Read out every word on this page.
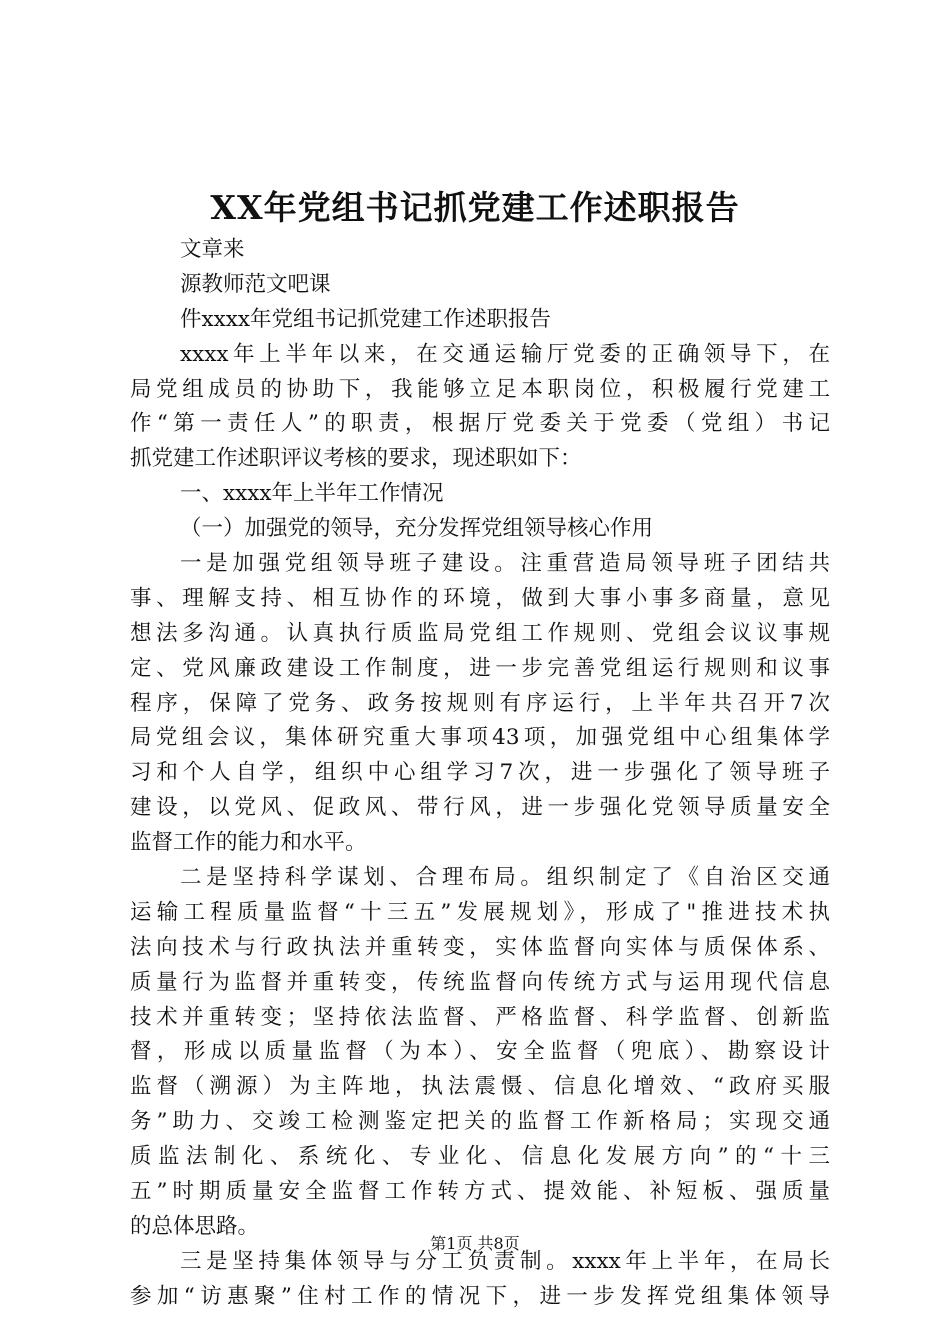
XX年党组书记抓党建工作述职报告
文章来
源教师范文吧课
件xxxx年党组书记抓党建工作述职报告
xxxx年上半年以来，在交通运输厅党委的正确领导下，在
局党组成员的协助下，我能够立足本职岗位，积极履行党建工
作“第一责任人”的职责，根据厅党委关于党委（党组）书记
抓党建工作述职评议考核的要求，现述职如下：
一、xxxx年上半年工作情况
（一）加强党的领导，充分发挥党组领导核心作用
一是加强党组领导班子建设。注重营造局领导班子团结共
事、理解支持、相互协作的环境，做到大事小事多商量，意见
想法多沟通。认真执行质监局党组工作规则、党组会议议事规
定、党风廉政建设工作制度，进一步完善党组运行规则和议事
程序，保障了党务、政务按规则有序运行，上半年共召开7次
局党组会议，集体研究重大事项43项，加强党组中心组集体学
习和个人自学，组织中心组学习7次，进一步强化了领导班子
建设，以党风、促政风、带行风，进一步强化党领导质量安全
监督工作的能力和水平。
二是坚持科学谋划、合理布局。组织制定了《自治区交通
运输工程质量监督“十三五”发展规划》，形成了"推进技术执
法向技术与行政执法并重转变，实体监督向实体与质保体系、
质量行为监督并重转变，传统监督向传统方式与运用现代信息
技术并重转变；坚持依法监督、严格监督、科学监督、创新监
督，形成以质量监督（为本）、安全监督（兜底）、勘察设计
监督（溯源）为主阵地，执法震慑、信息化增效、“政府买服
务”助力、交竣工检测鉴定把关的监督工作新格局；实现交通
质监法制化、系统化、专业化、信息化发展方向”的“十三
五”时期质量安全监督工作转方式、提效能、补短板、强质量
的总体思路。
三是坚持集体领导与分工负责制。xxxx年上半年，在局长
参加“访惠聚”住村工作的情况下，进一步发挥党组集体领导
第1页 共8页
